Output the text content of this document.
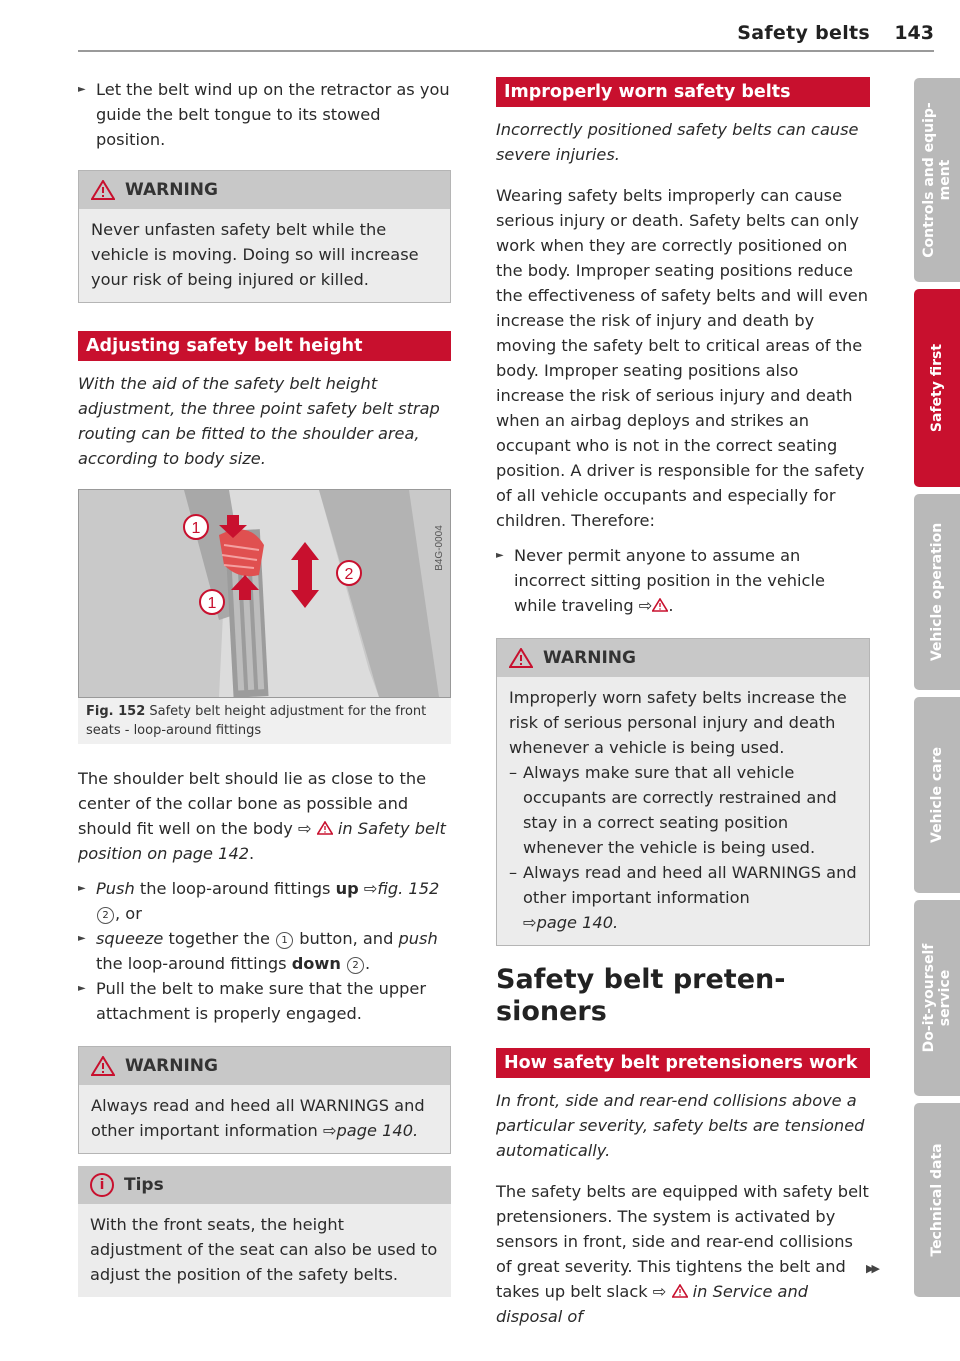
Safety belts 143

► Let the belt wind up on the retractor as you guide the belt tongue to its stowed position.

WARNING
Never unfasten safety belt while the vehicle is moving. Doing so will increase your risk of being injured or killed.
Adjusting safety belt height

With the aid of the safety belt height adjustment, the three point safety belt strap routing can be fitted to the shoulder area, according to body size.

1
1
2
B4G-0004
Fig. 152 Safety belt height adjustment for the front seats - loop-around fittings

The shoulder belt should lie as close to the center of the collar bone as possible and should fit well on the body ⇨ in Safety belt position on page 142.

► Push the loop-around fittings up ⇨fig. 152 2 , or

► squeeze together the 1 button, and push the loop-around fittings down 2 .

► Pull the belt to make sure that the upper attachment is properly engaged.

WARNING
Always read and heed all WARNINGS and other important information ⇨page 140.
i	Tips
With the front seats, the height adjustment of the seat can also be used to adjust the position of the safety belts.
Improperly worn safety belts

Incorrectly positioned safety belts can cause severe injuries.

Wearing safety belts improperly can cause serious injury or death. Safety belts can only work when they are correctly positioned on the body. Improper seating positions reduce the effectiveness of safety belts and will even increase the risk of injury and death by moving the safety belt to critical areas of the body. Improper seating positions also increase the risk of serious injury and death when an airbag deploys and strikes an occupant who is not in the correct seating position. A driver is responsible for the safety of all vehicle occupants and especially for children. Therefore:

► Never permit anyone to assume an incorrect sitting position in the vehicle while traveling ⇨ .

WARNING
Improperly worn safety belts increase the risk of serious personal injury and death whenever a vehicle is being used.
– Always make sure that all vehicle occupants are correctly restrained and stay in a correct seating position whenever the vehicle is being used.
– Always read and heed all WARNINGS and other important information
⇨page 140.
Safety belt preten-
sioners
How safety belt pretensioners work

In front, side and rear-end collisions above a particular severity, safety belts are tensioned automatically.

The safety belts are equipped with safety belt pretensioners. The system is activated by sensors in front, side and rear-end collisions of great severity. This tightens the belt and takes up belt slack ⇨ in Service and disposal of

▶▶
Controls and equip-
ment
Safety first
Vehicle operation
Vehicle care
Do-it-yourself
service
Technical data
